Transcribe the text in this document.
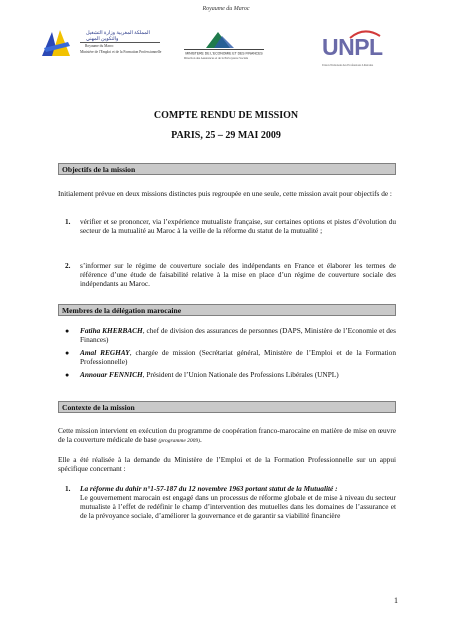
Royaume du Maroc
المملكة المغربية وزارة التشغيل والتكوين المهني
Royaume du Maroc
Ministère de l'Emploi et de la Formation Professionnelle	MINISTERE DE L'ECONOMIE ET DES FINANCES
Direction des Assurances et de la Prévoyance Sociale	UNPL
Union Nationale des Professions Libérales
COMPTE RENDU DE MISSION
PARIS, 25 – 29 MAI 2009
Objectifs de la mission
Initialement prévue en deux missions distinctes puis regroupée en une seule, cette mission avait pour objectifs de :
1. vérifier et se prononcer, via l’expérience mutualiste française, sur certaines options et pistes d’évolution du secteur de la mutualité au Maroc à la veille de la réforme du statut de la mutualité ;
2. s’informer sur le régime de couverture sociale des indépendants en France et élaborer les termes de référence d’une étude de faisabilité relative à la mise en place d’un régime de couverture sociale des indépendants au Maroc.
Membres de la délégation marocaine
● Fatiha KHERBACH, chef de division des assurances de personnes (DAPS, Ministère de l’Economie et des Finances)
● Amal REGHAY, chargée de mission (Secrétariat général, Ministère de l’Emploi et de la Formation Professionnelle)
● Annouar FENNICH, Président de l’Union Nationale des Professions Libérales (UNPL)
Contexte de la mission
Cette mission intervient en exécution du programme de coopération franco-marocaine en matière de mise en œuvre de la couverture médicale de base (programme 2009).
Elle a été réalisée à la demande du Ministère de l’Emploi et de la Formation Professionnelle sur un appui spécifique concernant :
1. La réforme du dahir n°1-57-187 du 12 novembre 1963 portant statut de la Mutualité :
Le gouvernement marocain est engagé dans un processus de réforme globale et de mise à niveau du secteur mutualiste à l’effet de redéfinir le champ d’intervention des mutuelles dans les domaines de l’assurance et de la prévoyance sociale, d’améliorer la gouvernance et de garantir sa viabilité financière
1
